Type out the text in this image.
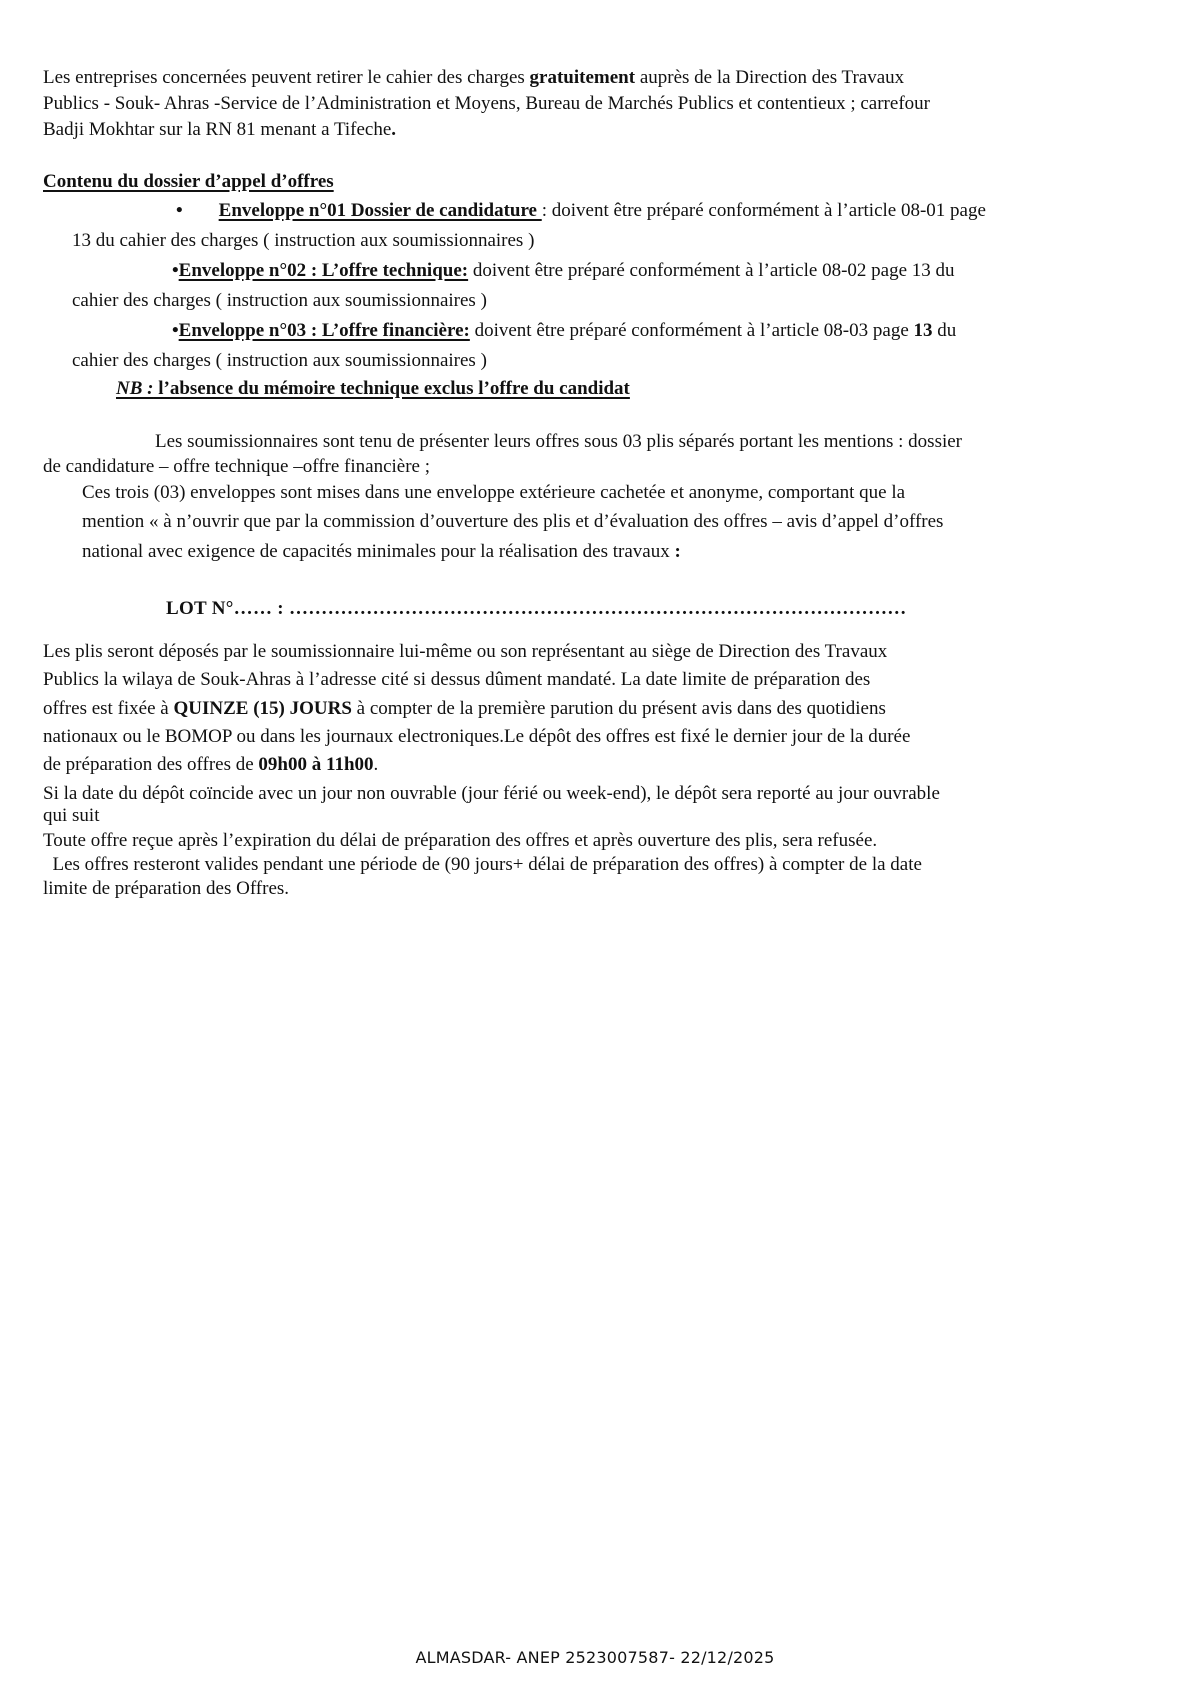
Les entreprises concernées peuvent retirer le cahier des charges gratuitement auprès de la Direction des Travaux
Publics - Souk- Ahras -Service de l’Administration et Moyens, Bureau de Marchés Publics et contentieux ; carrefour
Badji Mokhtar sur la RN 81 menant a Tifeche.
Contenu du dossier d’appel d’offres
• Enveloppe n°01 Dossier de candidature : doivent être préparé conformément à l’article 08-01 page
13 du cahier des charges ( instruction aux soumissionnaires )
•Enveloppe n°02 : L’offre technique: doivent être préparé conformément à l’article 08-02 page 13 du
cahier des charges ( instruction aux soumissionnaires )
•Enveloppe n°03 : L’offre financière: doivent être préparé conformément à l’article 08-03 page 13 du
cahier des charges ( instruction aux soumissionnaires )
NB : l’absence du mémoire technique exclus l’offre du candidat
Les soumissionnaires sont tenu de présenter leurs offres sous 03 plis séparés portant les mentions : dossier
de candidature – offre technique –offre financière ;
Ces trois (03) enveloppes sont mises dans une enveloppe extérieure cachetée et anonyme, comportant que la
mention « à n’ouvrir que par la commission d’ouverture des plis et d’évaluation des offres – avis d’appel d’offres
national avec exigence de capacités minimales pour la réalisation des travaux :
LOT N°…… : ……………………………………………………………………………………
Les plis seront déposés par le soumissionnaire lui-même ou son représentant au siège de Direction des Travaux
Publics la wilaya de Souk-Ahras à l’adresse cité si dessus dûment mandaté. La date limite de préparation des
offres est fixée à QUINZE (15) JOURS à compter de la première parution du présent avis dans des quotidiens
nationaux ou le BOMOP ou dans les journaux electroniques.Le dépôt des offres est fixé le dernier jour de la durée
de préparation des offres de 09h00 à 11h00.
Si la date du dépôt coïncide avec un jour non ouvrable (jour férié ou week-end), le dépôt sera reporté au jour ouvrable
qui suit
Toute offre reçue après l’expiration du délai de préparation des offres et après ouverture des plis, sera refusée.
Les offres resteront valides pendant une période de (90 jours+ délai de préparation des offres) à compter de la date
limite de préparation des Offres.
ALMASDAR- ANEP 2523007587- 22/12/2025
